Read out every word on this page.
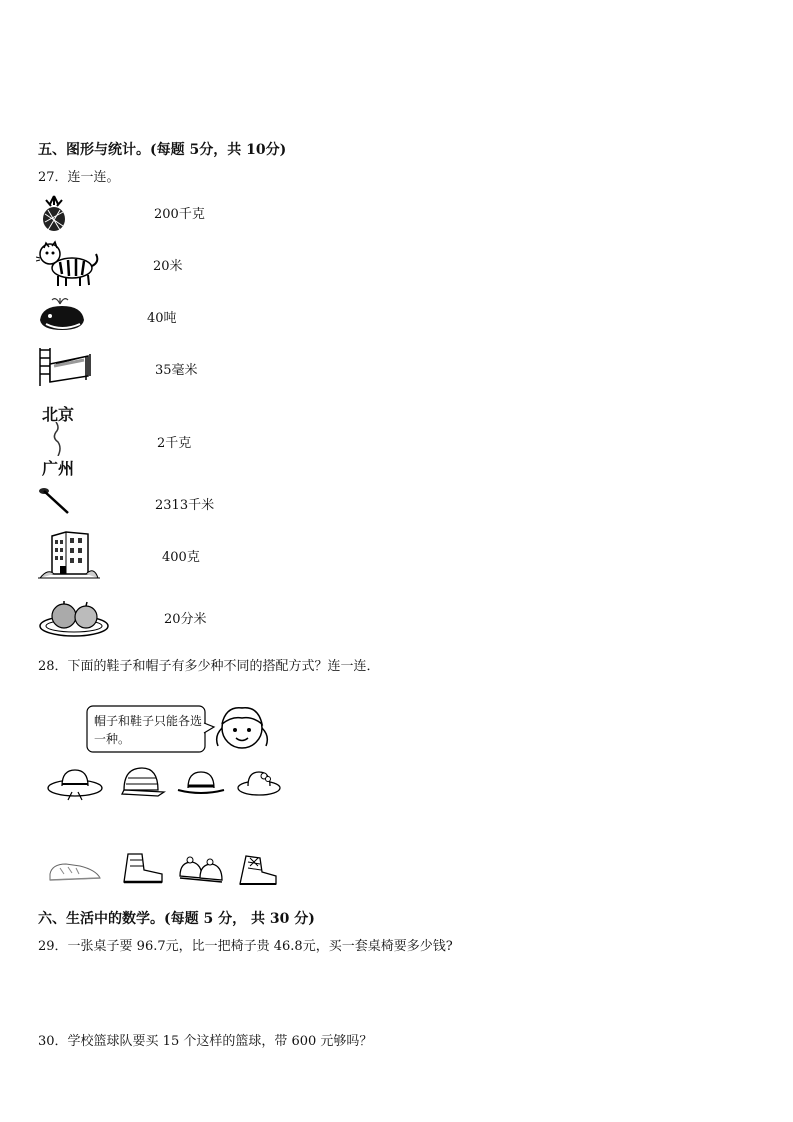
五、图形与统计。(每题 5分，共 10分)
27．连一连。
北京
广州
200千克
20米
40吨
35毫米
2千克
2313千米
400克
20分米
28．下面的鞋子和帽子有多少种不同的搭配方式？连一连．
帽子和鞋子只能各选一种。
六、生活中的数学。(每题 5 分， 共 30 分)
29．一张桌子要 96.7元，比一把椅子贵 46.8元，买一套桌椅要多少钱?
30．学校篮球队要买 15 个这样的篮球，带 600 元够吗？
